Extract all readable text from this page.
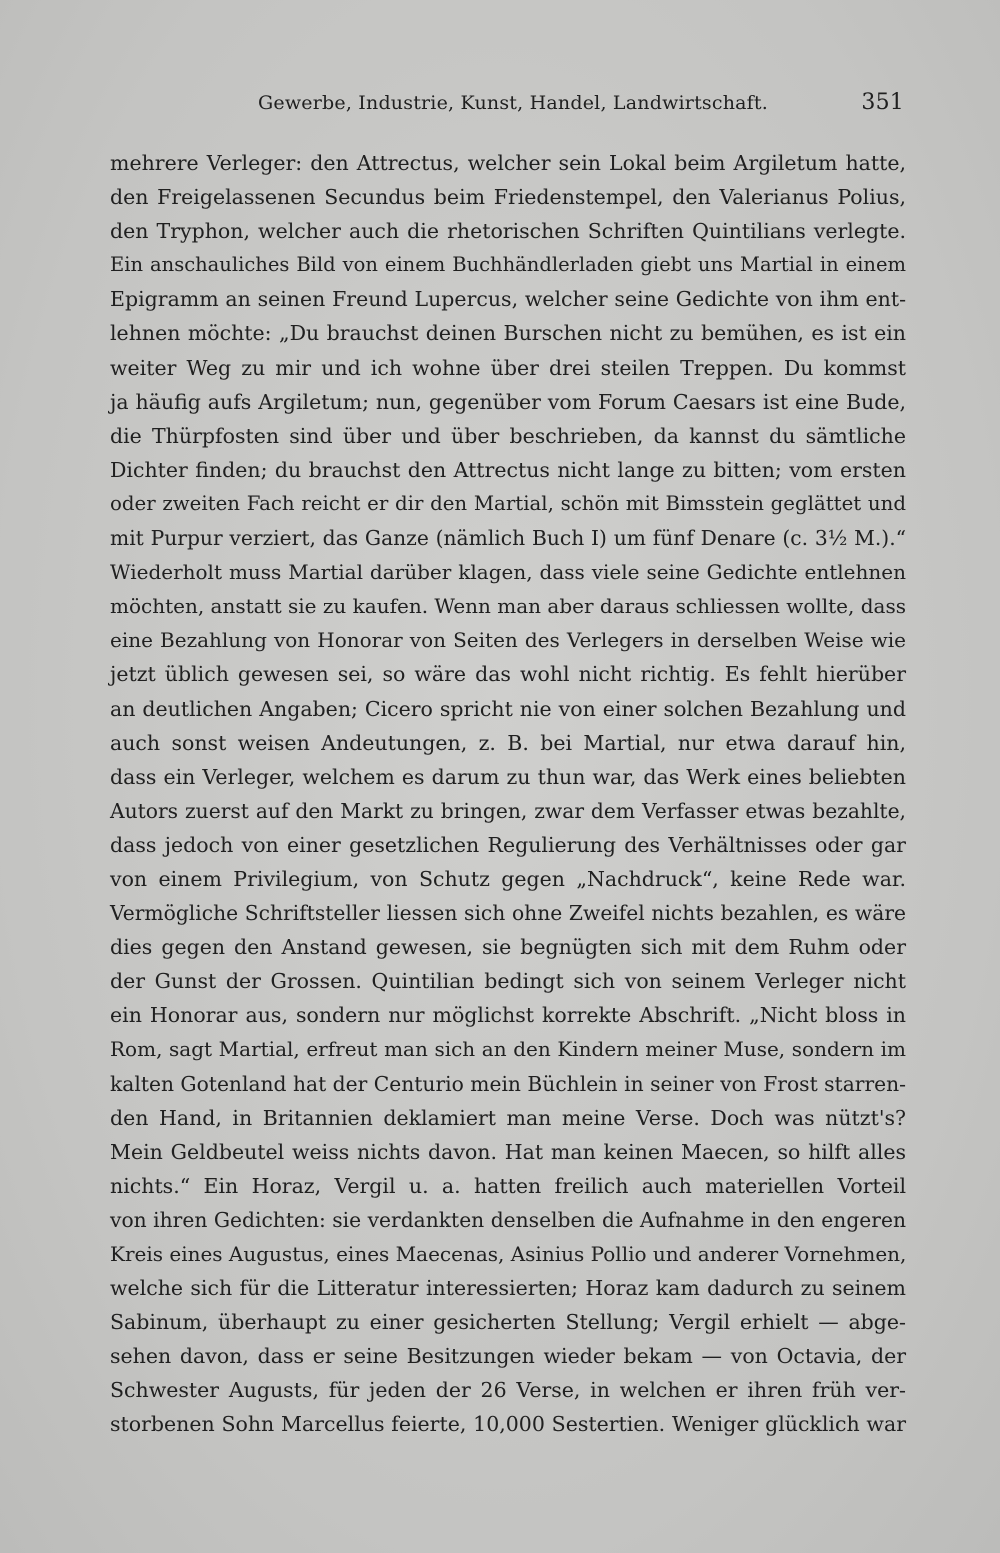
Gewerbe, Industrie, Kunst, Handel, Landwirtschaft.	351
mehrere Verleger: den Attrectus, welcher sein Lokal beim Argiletum hatte,
den Freigelassenen Secundus beim Friedenstempel, den Valerianus Polius,
den Tryphon, welcher auch die rhetorischen Schriften Quintilians verlegte.
Ein anschauliches Bild von einem Buchhändlerladen giebt uns Martial in einem
Epigramm an seinen Freund Lupercus, welcher seine Gedichte von ihm ent-
lehnen möchte: „Du brauchst deinen Burschen nicht zu bemühen, es ist ein
weiter Weg zu mir und ich wohne über drei steilen Treppen. Du kommst
ja häufig aufs Argiletum; nun, gegenüber vom Forum Caesars ist eine Bude,
die Thürpfosten sind über und über beschrieben, da kannst du sämtliche
Dichter finden; du brauchst den Attrectus nicht lange zu bitten; vom ersten
oder zweiten Fach reicht er dir den Martial, schön mit Bimsstein geglättet und
mit Purpur verziert, das Ganze (nämlich Buch I) um fünf Denare (c. 3½ M.).“
Wiederholt muss Martial darüber klagen, dass viele seine Gedichte entlehnen
möchten, anstatt sie zu kaufen. Wenn man aber daraus schliessen wollte, dass
eine Bezahlung von Honorar von Seiten des Verlegers in derselben Weise wie
jetzt üblich gewesen sei, so wäre das wohl nicht richtig. Es fehlt hierüber
an deutlichen Angaben; Cicero spricht nie von einer solchen Bezahlung und
auch sonst weisen Andeutungen, z. B. bei Martial, nur etwa darauf hin,
dass ein Verleger, welchem es darum zu thun war, das Werk eines beliebten
Autors zuerst auf den Markt zu bringen, zwar dem Verfasser etwas bezahlte,
dass jedoch von einer gesetzlichen Regulierung des Verhältnisses oder gar
von einem Privilegium, von Schutz gegen „Nachdruck“, keine Rede war.
Vermögliche Schriftsteller liessen sich ohne Zweifel nichts bezahlen, es wäre
dies gegen den Anstand gewesen, sie begnügten sich mit dem Ruhm oder
der Gunst der Grossen. Quintilian bedingt sich von seinem Verleger nicht
ein Honorar aus, sondern nur möglichst korrekte Abschrift. „Nicht bloss in
Rom, sagt Martial, erfreut man sich an den Kindern meiner Muse, sondern im
kalten Gotenland hat der Centurio mein Büchlein in seiner von Frost starren-
den Hand, in Britannien deklamiert man meine Verse. Doch was nützt's?
Mein Geldbeutel weiss nichts davon. Hat man keinen Maecen, so hilft alles
nichts.“ Ein Horaz, Vergil u. a. hatten freilich auch materiellen Vorteil
von ihren Gedichten: sie verdankten denselben die Aufnahme in den engeren
Kreis eines Augustus, eines Maecenas, Asinius Pollio und anderer Vornehmen,
welche sich für die Litteratur interessierten; Horaz kam dadurch zu seinem
Sabinum, überhaupt zu einer gesicherten Stellung; Vergil erhielt — abge-
sehen davon, dass er seine Besitzungen wieder bekam — von Octavia, der
Schwester Augusts, für jeden der 26 Verse, in welchen er ihren früh ver-
storbenen Sohn Marcellus feierte, 10,000 Sestertien. Weniger glücklich war
